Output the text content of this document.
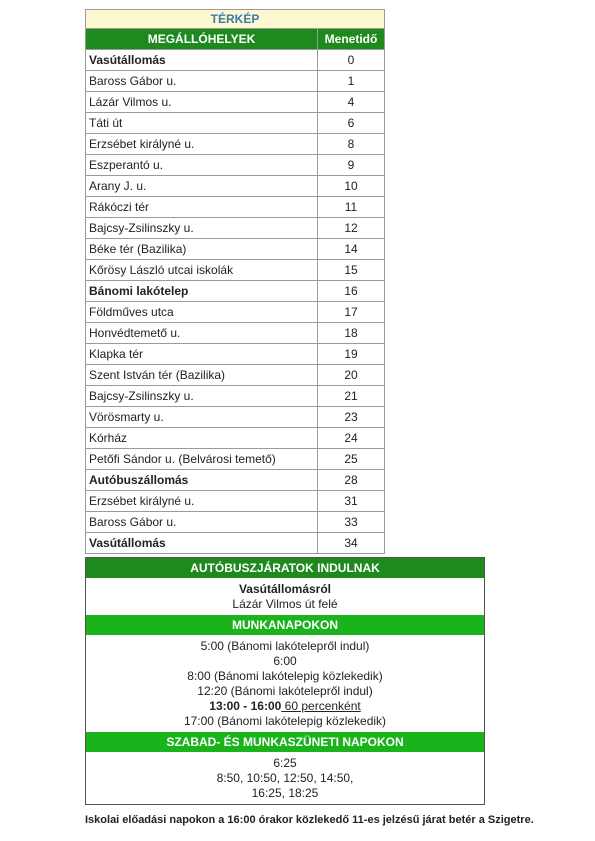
TÉRKÉP	
MEGÁLLÓHELYEK	Menetidő
Vasútállomás	0
Baross Gábor u.	1
Lázár Vilmos u.	4
Táti út	6
Erzsébet királyné u.	8
Eszperantó u.	9
Arany J. u.	10
Rákóczi tér	11
Bajcsy-Zsilinszky u.	12
Béke tér (Bazilika)	14
Kőrösy László utcai iskolák	15
Bánomi lakótelep	16
Földműves utca	17
Honvédtemető u.	18
Klapka tér	19
Szent István tér (Bazilika)	20
Bajcsy-Zsilinszky u.	21
Vörösmarty u.	23
Kórház	24
Petőfi Sándor u. (Belvárosi temető)	25
Autóbuszállomás	28
Erzsébet királyné u.	31
Baross Gábor u.	33
Vasútállomás	34
AUTÓBUSZJÁRATOK INDULNAK
Vasútállomásról
Lázár Vilmos út felé
MUNKANAPOKON
5:00 (Bánomi lakótelepről indul)
6:00
8:00 (Bánomi lakótelepig közlekedik)
12:20 (Bánomi lakótelepről indul)
13:00 - 16:00 60 percenként
17:00 (Bánomi lakótelepig közlekedik)
SZABAD- ÉS MUNKASZÜNETI NAPOKON
6:25
8:50, 10:50, 12:50, 14:50,
16:25, 18:25
Iskolai előadási napokon a 16:00 órakor közlekedő 11-es jelzésű járat betér a Szigetre.
